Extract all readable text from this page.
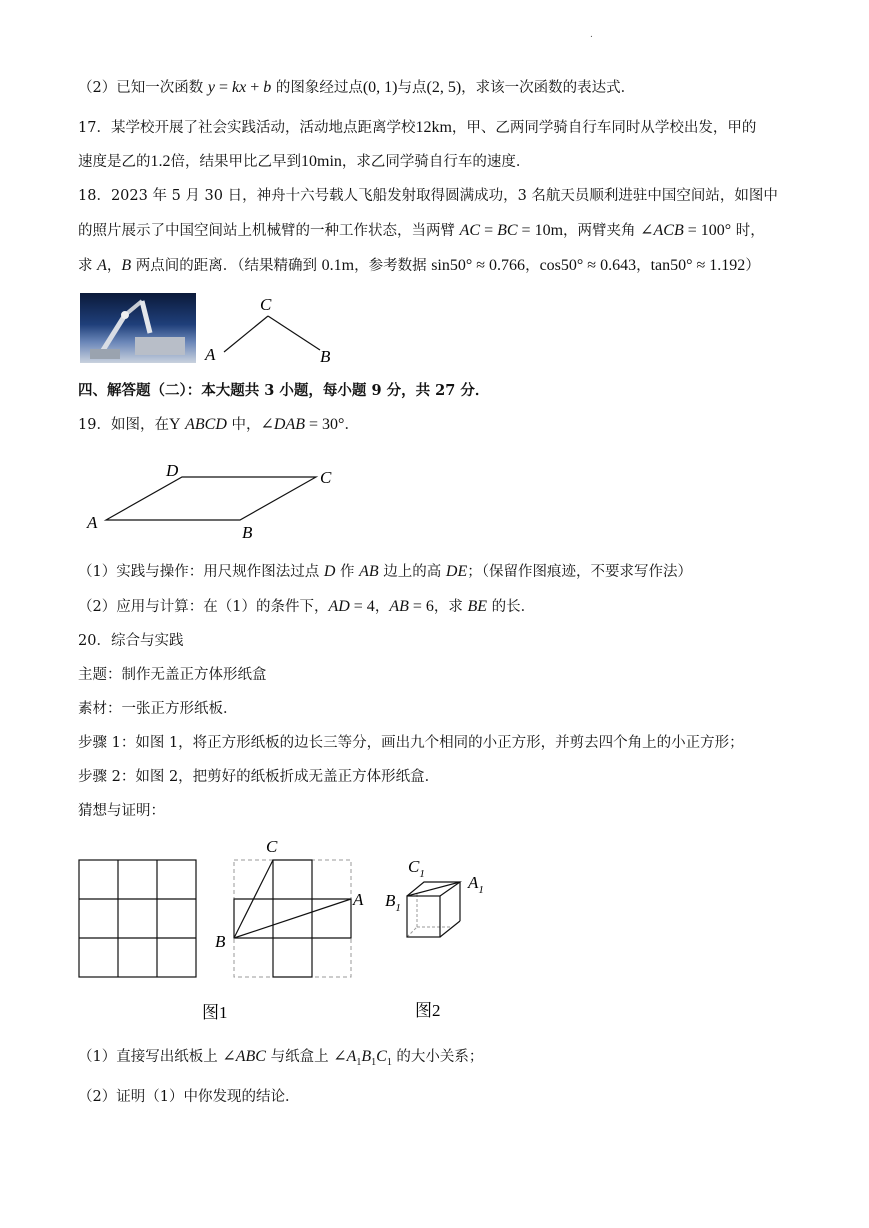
.
（2）已知一次函数 y = kx + b 的图象经过点(0, 1)与点(2, 5)，求该一次函数的表达式．
17．某学校开展了社会实践活动，活动地点距离学校12km，甲、乙两同学骑自行车同时从学校出发，甲的
速度是乙的1.2倍，结果甲比乙早到10min，求乙同学骑自行车的速度．
18．2023 年 5 月 30 日，神舟十六号载人飞船发射取得圆满成功，3 名航天员顺利进驻中国空间站，如图中
的照片展示了中国空间站上机械臂的一种工作状态，当两臂 AC = BC = 10m，两臂夹角 ∠ACB = 100° 时，
求 A，B 两点间的距离．（结果精确到 0.1m，参考数据 sin50° ≈ 0.766，cos50° ≈ 0.643，tan50° ≈ 1.192）
C
A	B
四、解答题（二）：本大题共 3 小题，每小题 9 分，共 27 分．
19．如图，在Y ABCD 中，∠DAB = 30°．
D	C
A
B
（1）实践与操作：用尺规作图法过点 D 作 AB 边上的高 DE；（保留作图痕迹，不要求写作法）
（2）应用与计算：在（1）的条件下，AD = 4，AB = 6，求 BE 的长．
20．综合与实践
主题：制作无盖正方体形纸盒
素材：一张正方形纸板．
步骤 1：如图 1，将正方形纸板的边长三等分，画出九个相同的小正方形，并剪去四个角上的小正方形；
步骤 2：如图 2，把剪好的纸板折成无盖正方体形纸盒．
猜想与证明：
C
A
B
$C_1$	$A_1$
$B_1$
图1	图2
（1）直接写出纸板上 ∠ABC 与纸盒上 $\angle A_1B_1C_1$ 的大小关系；
（2）证明（1）中你发现的结论．
